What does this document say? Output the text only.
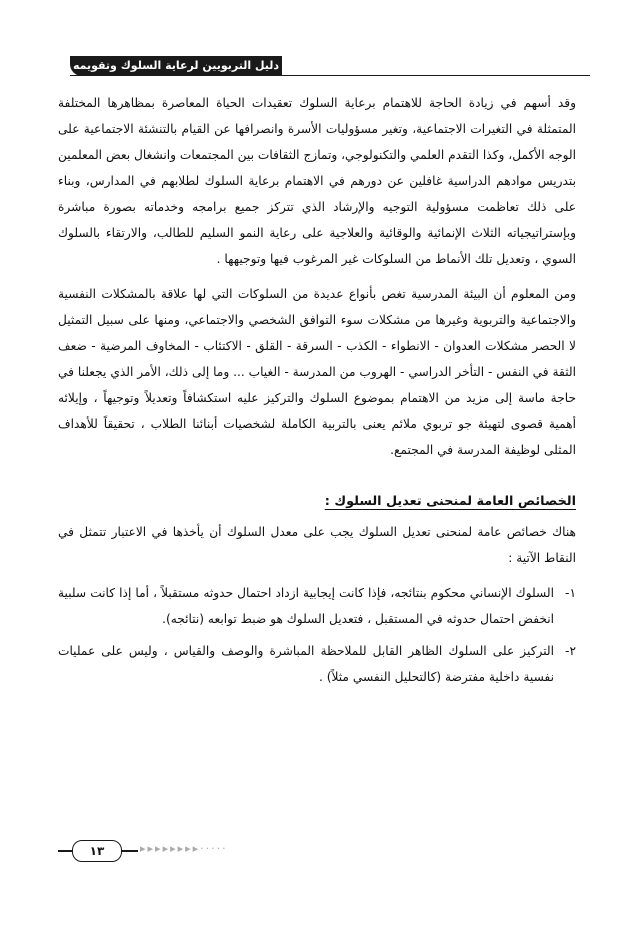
دليل التربويين لرعاية السلوك وتقويمه

وقد أسهم في زيادة الحاجة للاهتمام برعاية السلوك تعقيدات الحياة المعاصرة بمظاهرها المختلفة المتمثلة في التغيرات الاجتماعية، وتغير مسؤوليات الأسرة وانصرافها عن القيام بالتنشئة الاجتماعية على الوجه الأكمل، وكذا التقدم العلمي والتكنولوجي، وتمازج الثقافات بين المجتمعات وانشغال بعض المعلمين بتدريس موادهم الدراسية غافلين عن دورهم في الاهتمام برعاية السلوك لطلابهم في المدارس، وبناء على ذلك تعاظمت مسؤولية التوجيه والإرشاد الذي تتركز جميع برامجه وخدماته بصورة مباشرة وبإستراتيجياته الثلاث الإنمائية والوقائية والعلاجية على رعاية النمو السليم للطالب، والارتقاء بالسلوك السوي ، وتعديل تلك الأنماط من السلوكات غير المرغوب فيها وتوجيهها .

ومن المعلوم أن البيئة المدرسية تغص بأنواع عديدة من السلوكات التي لها علاقة بالمشكلات النفسية والاجتماعية والتربوية وغيرها من مشكلات سوء التوافق الشخصي والاجتماعي، ومنها على سبيل التمثيل لا الحصر مشكلات العدوان - الانطواء - الكذب - السرقة - القلق - الاكتئاب - المخاوف المرضية - ضعف الثقة في النفس - التأخر الدراسي - الهروب من المدرسة - الغياب ... وما إلى ذلك، الأمر الذي يجعلنا في حاجة ماسة إلى مزيد من الاهتمام بموضوع السلوك والتركيز عليه استكشافاً وتعديلاً وتوجيهاً ، وإيلائه أهمية قصوى لتهيئة جو تربوي ملائم يعنى بالتربية الكاملة لشخصيات أبنائنا الطلاب ، تحقيقاً للأهداف المثلى لوظيفة المدرسة في المجتمع.

الخصائص العامة لمنحنى تعديل السلوك :

هناك خصائص عامة لمنحنى تعديل السلوك يجب على معدل السلوك أن يأخذها في الاعتبار تتمثل في النقاط الآتية :

١-
السلوك الإنساني محكوم بنتائجه، فإذا كانت إيجابية ازداد احتمال حدوثه مستقبلاً ، أما إذا كانت سلبية انخفض احتمال حدوثه في المستقبل ، فتعديل السلوك هو ضبط توابعه (نتائجه).
٢-
التركيز على السلوك الظاهر القابل للملاحظة المباشرة والوصف والقياس ، وليس على عمليات نفسية داخلية مفترضة (كالتحليل النفسي مثلاً) .
١٣	▸▸▸▸▸▸▸▸·····
